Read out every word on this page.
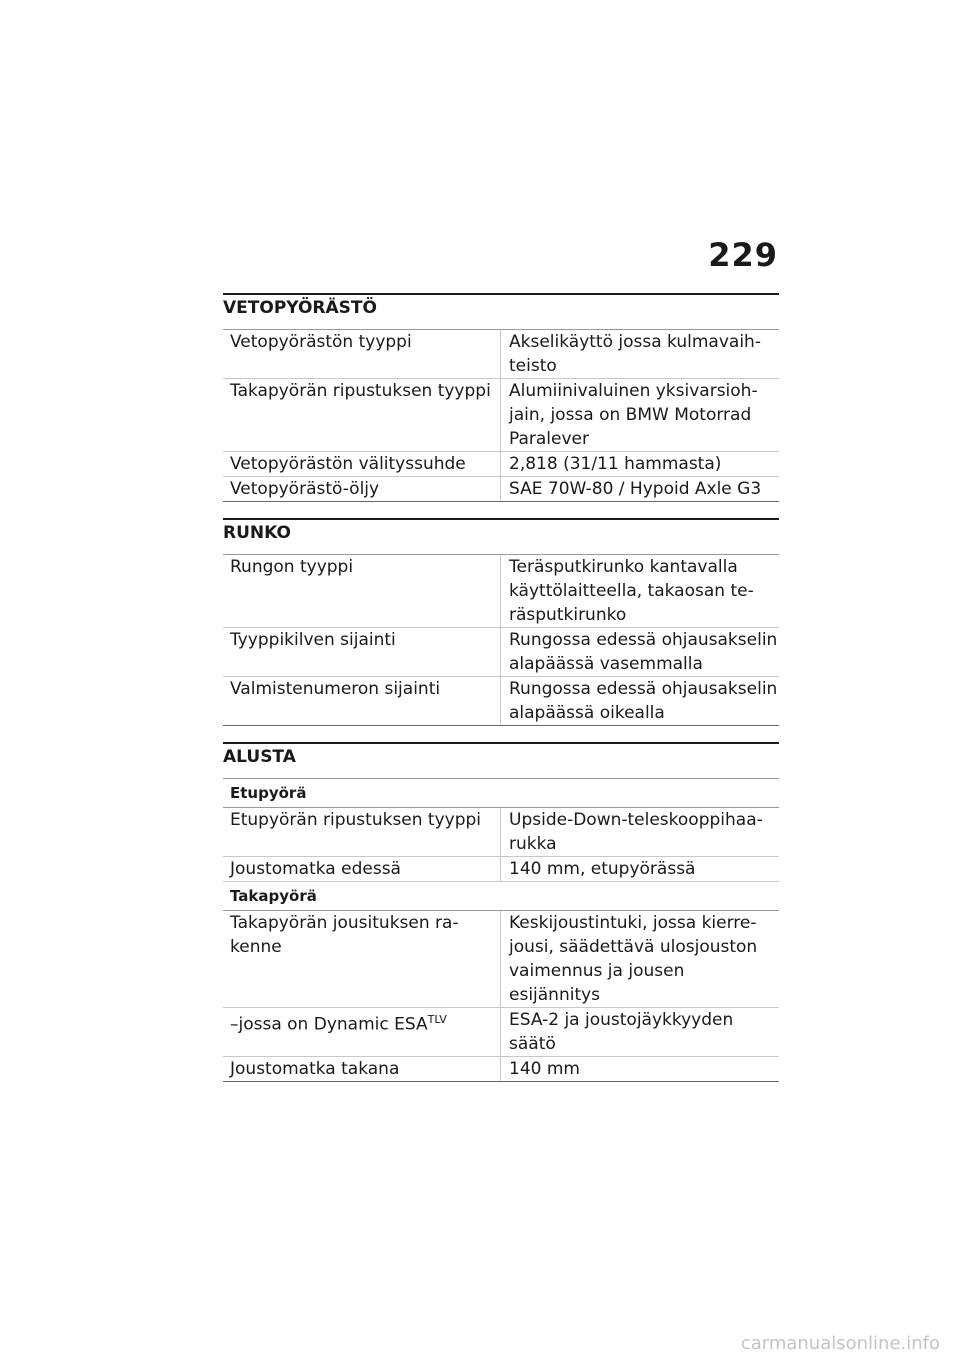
229
VETOPYÖRÄSTÖ
Vetopyörästön tyyppi	Akselikäyttö jossa kulmavaih-teisto
Takapyörän ripustuksen tyyppi	Alumiinivaluinen yksivarsioh-jain, jossa on BMW Motorrad Paralever
Vetopyörästön välityssuhde	2,818 (31/11 hammasta)
Vetopyörästö-öljy	SAE 70W-80 / Hypoid Axle G3
RUNKO
Rungon tyyppi	Teräsputkirunko kantavalla käyttölaitteella, takaosan te-räsputkirunko
Tyyppikilven sijainti	Rungossa edessä ohjausakselin alapäässä vasemmalla
Valmistenumeron sijainti	Rungossa edessä ohjausakselin alapäässä oikealla
ALUSTA
Etupyörä	
Etupyörän ripustuksen tyyppi	Upside-Down-teleskooppihaa-rukka
Joustomatka edessä	140 mm, etupyörässä
Takapyörä	
Takapyörän jousituksen ra-kenne	Keskijoustintuki, jossa kierre-jousi, säädettävä ulosjouston vaimennus ja jousen esijännitys
–jossa on Dynamic $ESA^{TLV}$	ESA-2 ja joustojäykkyyden säätö
Joustomatka takana	140 mm
carmanualsonline.info
